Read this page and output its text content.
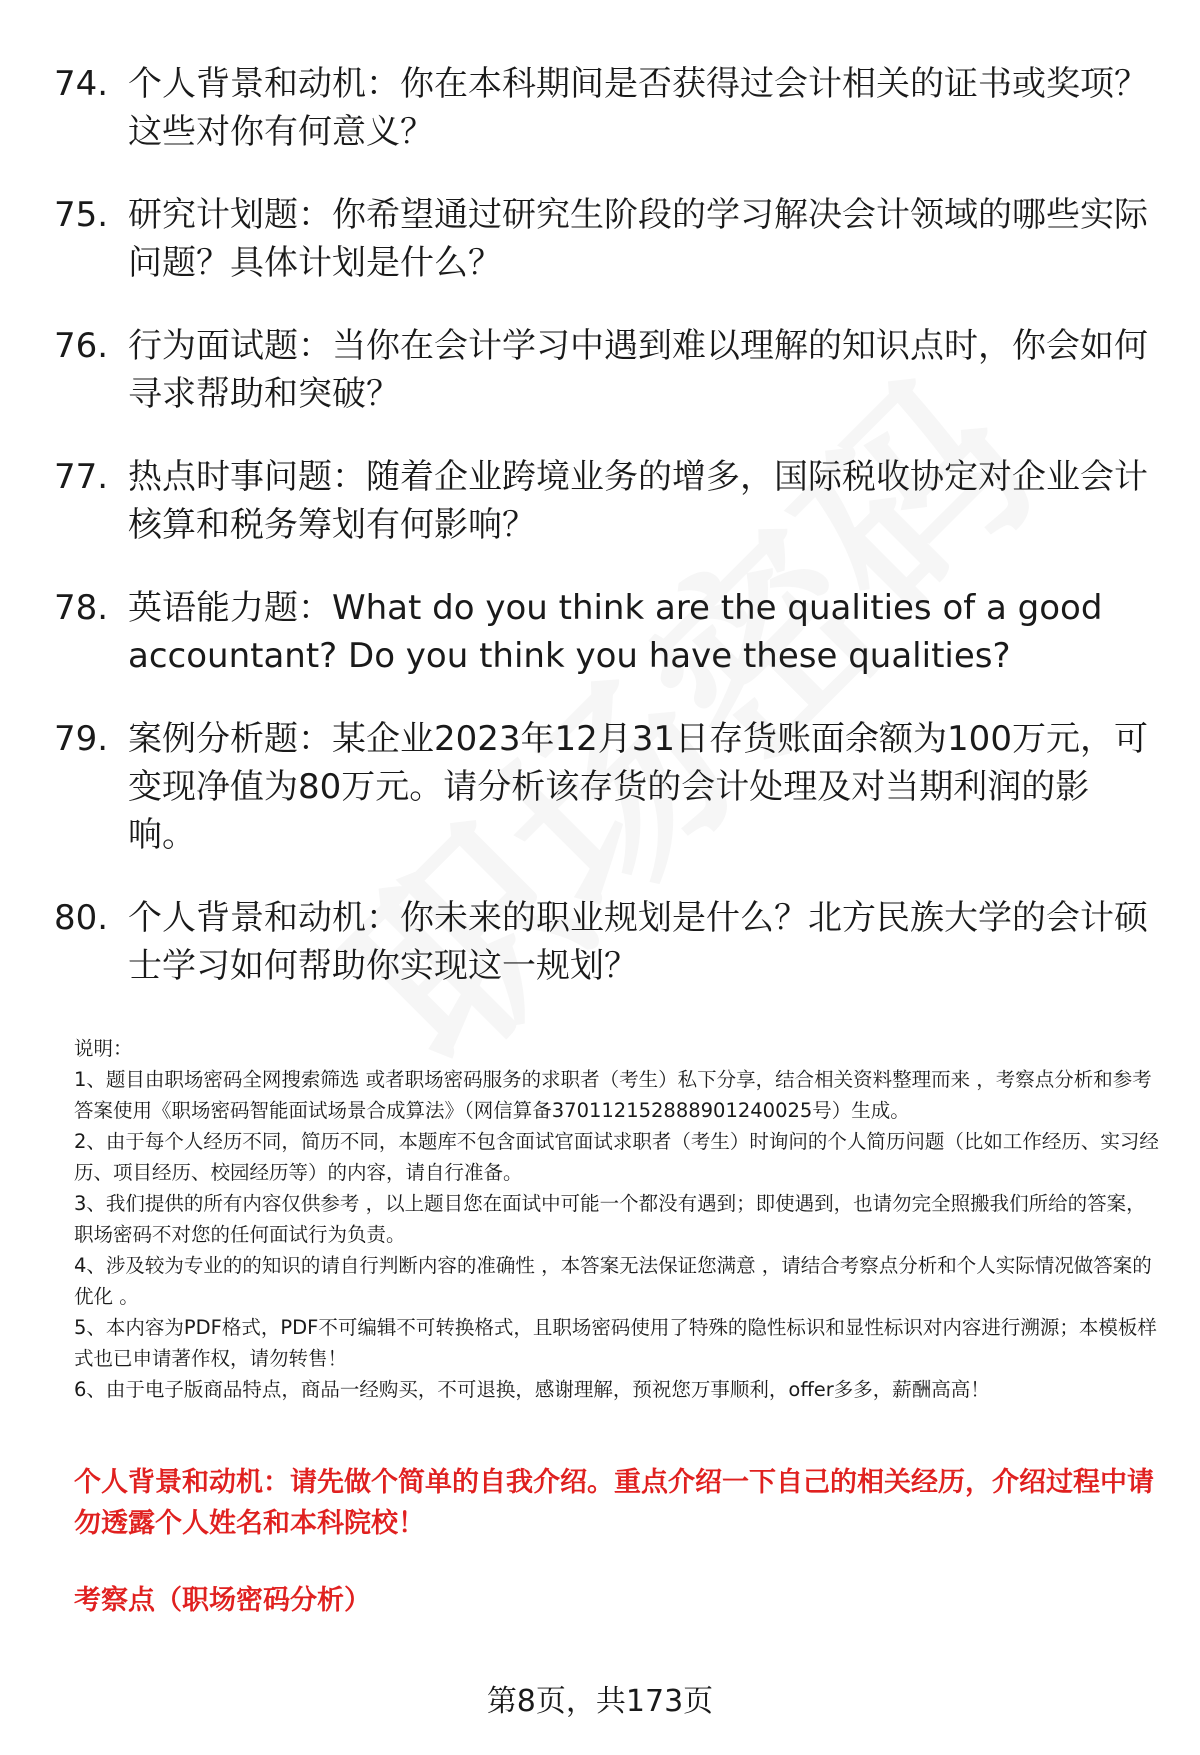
74. 个人背景和动机：你在本科期间是否获得过会计相关的证书或奖项？这些对你有何意义？
75. 研究计划题：你希望通过研究生阶段的学习解决会计领域的哪些实际问题？具体计划是什么？
76. 行为面试题：当你在会计学习中遇到难以理解的知识点时，你会如何寻求帮助和突破？
77. 热点时事问题：随着企业跨境业务的增多，国际税收协定对企业会计核算和税务筹划有何影响？
78. 英语能力题：What do you think are the qualities of a good accountant? Do you think you have these qualities?
79. 案例分析题：某企业2023年12月31日存货账面余额为100万元，可变现净值为80万元。请分析该存货的会计处理及对当期利润的影响。
80. 个人背景和动机：你未来的职业规划是什么？北方民族大学的会计硕士学习如何帮助你实现这一规划？
说明：
1、题目由职场密码全网搜索筛选 或者职场密码服务的求职者（考生）私下分享，结合相关资料整理而来 ，考察点分析和参考答案使用《职场密码智能面试场景合成算法》（网信算备370112152888901240025号）生成。
2、由于每个人经历不同，简历不同，本题库不包含面试官面试求职者（考生）时询问的个人简历问题（比如工作经历、实习经历、项目经历、校园经历等）的内容，请自行准备。
3、我们提供的所有内容仅供参考 ，以上题目您在面试中可能一个都没有遇到；即使遇到，也请勿完全照搬我们所给的答案，职场密码不对您的任何面试行为负责。
4、涉及较为专业的的知识的请自行判断内容的准确性 ，本答案无法保证您满意 ，请结合考察点分析和个人实际情况做答案的优化 。
5、本内容为PDF格式，PDF不可编辑不可转换格式，且职场密码使用了特殊的隐性标识和显性标识对内容进行溯源；本模板样式也已申请著作权，请勿转售！
6、由于电子版商品特点，商品一经购买，不可退换，感谢理解，预祝您万事顺利，offer多多，薪酬高高！
个人背景和动机：请先做个简单的自我介绍。重点介绍一下自己的相关经历，介绍过程中请勿透露个人姓名和本科院校！
考察点（职场密码分析）
第8页，共173页
